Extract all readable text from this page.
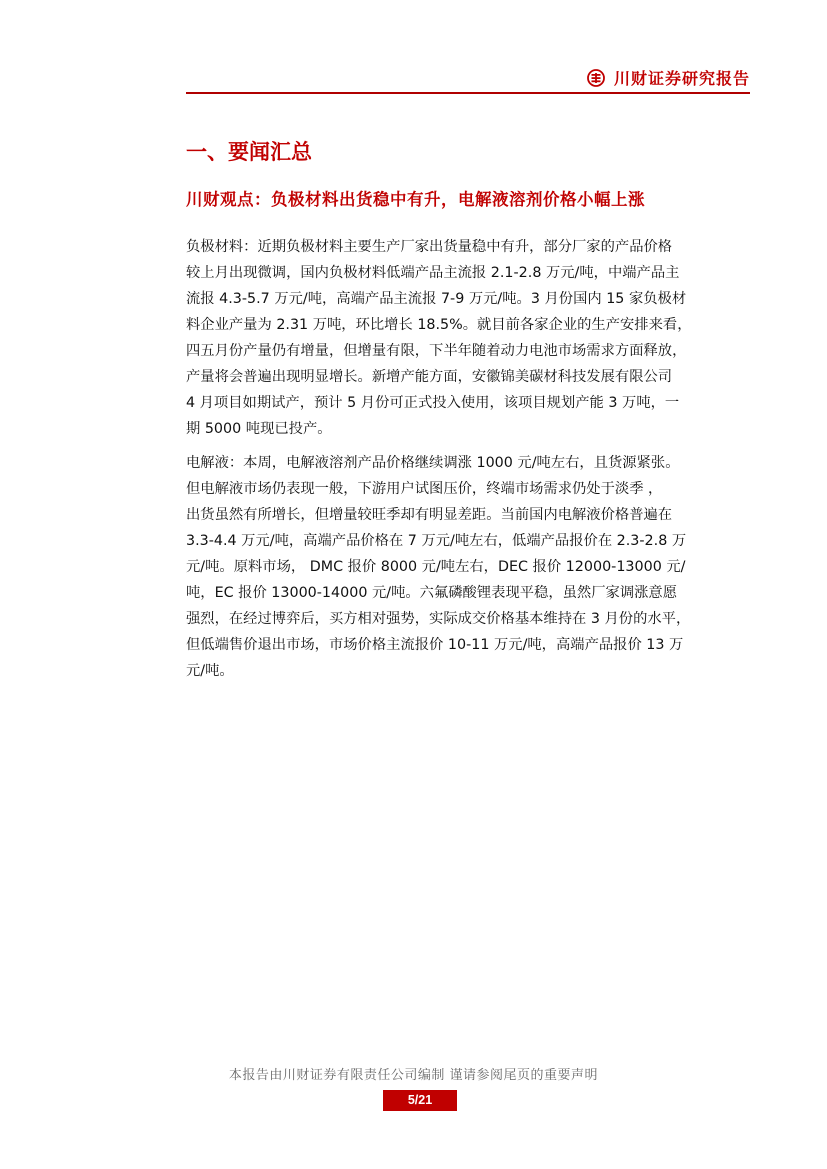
川财证券研究报告
一、要闻汇总
川财观点：负极材料出货稳中有升，电解液溶剂价格小幅上涨

负极材料：近期负极材料主要生产厂家出货量稳中有升，部分厂家的产品价格
较上月出现微调，国内负极材料低端产品主流报 2.1-2.8 万元/吨，中端产品主
流报 4.3-5.7 万元/吨，高端产品主流报 7-9 万元/吨。3 月份国内 15 家负极材
料企业产量为 2.31 万吨，环比增长 18.5%。就目前各家企业的生产安排来看，
四五月份产量仍有增量，但增量有限，下半年随着动力电池市场需求方面释放，
产量将会普遍出现明显增长。新增产能方面，安徽锦美碳材科技发展有限公司
4 月项目如期试产，预计 5 月份可正式投入使用，该项目规划产能 3 万吨，一
期 5000 吨现已投产。

电解液：本周，电解液溶剂产品价格继续调涨 1000 元/吨左右，且货源紧张。
但电解液市场仍表现一般，下游用户试图压价，终端市场需求仍处于淡季 ，
出货虽然有所增长，但增量较旺季却有明显差距。当前国内电解液价格普遍在
3.3-4.4 万元/吨，高端产品价格在 7 万元/吨左右，低端产品报价在 2.3-2.8 万
元/吨。原料市场， DMC 报价 8000 元/吨左右，DEC 报价 12000-13000 元/
吨，EC 报价 13000-14000 元/吨。六氟磷酸锂表现平稳，虽然厂家调涨意愿
强烈，在经过博弈后，买方相对强势，实际成交价格基本维持在 3 月份的水平，
但低端售价退出市场，市场价格主流报价 10-11 万元/吨，高端产品报价 13 万
元/吨。

本报告由川财证券有限责任公司编制 谨请参阅尾页的重要声明
5/21
